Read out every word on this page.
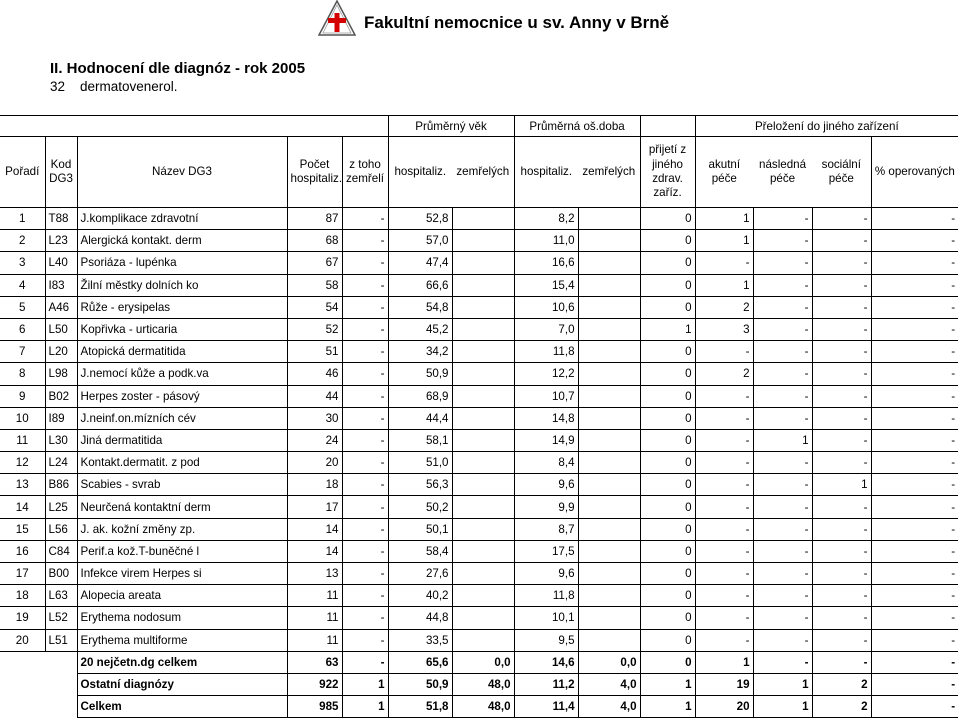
Fakultní nemocnice u sv. Anny v Brně
II. Hodnocení dle diagnóz - rok 2005
32 dermatovenerol.
					Průměrný věk		Průměrná oš.doba			Přeložení do jiného zařízení			
Pořadí	Kod DG3	Název DG3	Počet hospitaliz.	z toho zemřelí	hospitaliz.	zemřelých	hospitaliz.	zemřelých	přijetí z jiného zdrav. zaříz.	akutní péče	následná péče	sociální péče	% operovaných
1	T88	J.komplikace zdravotní	87	-	52,8		8,2		0	1	-	-	-
2	L23	Alergická kontakt. derm	68	-	57,0		11,0		0	1	-	-	-
3	L40	Psoriáza - lupénka	67	-	47,4		16,6		0	-	-	-	-
4	I83	Žilní městky dolních ko	58	-	66,6		15,4		0	1	-	-	-
5	A46	Růže - erysipelas	54	-	54,8		10,6		0	2	-	-	-
6	L50	Kopřivka - urticaria	52	-	45,2		7,0		1	3	-	-	-
7	L20	Atopická dermatitida	51	-	34,2		11,8		0	-	-	-	-
8	L98	J.nemocí kůže a podk.va	46	-	50,9		12,2		0	2	-	-	-
9	B02	Herpes zoster - pásový	44	-	68,9		10,7		0	-	-	-	-
10	I89	J.neinf.on.mízních cév	30	-	44,4		14,8		0	-	-	-	-
11	L30	Jiná dermatitida	24	-	58,1		14,9		0	-	1	-	-
12	L24	Kontakt.dermatit. z pod	20	-	51,0		8,4		0	-	-	-	-
13	B86	Scabies - svrab	18	-	56,3		9,6		0	-	-	1	-
14	L25	Neurčená kontaktní derm	17	-	50,2		9,9		0	-	-	-	-
15	L56	J. ak. kožní změny zp.	14	-	50,1		8,7		0	-	-	-	-
16	C84	Perif.a kož.T-buněčné l	14	-	58,4		17,5		0	-	-	-	-
17	B00	Infekce virem Herpes si	13	-	27,6		9,6		0	-	-	-	-
18	L63	Alopecia areata	11	-	40,2		11,8		0	-	-	-	-
19	L52	Erythema nodosum	11	-	44,8		10,1		0	-	-	-	-
20	L51	Erythema multiforme	11	-	33,5		9,5		0	-	-	-	-
		20 nejčetn.dg celkem	63	-	65,6	0,0	14,6	0,0	0	1	-	-	-
		Ostatní diagnózy	922	1	50,9	48,0	11,2	4,0	1	19	1	2	-
		Celkem	985	1	51,8	48,0	11,4	4,0	1	20	1	2	-
